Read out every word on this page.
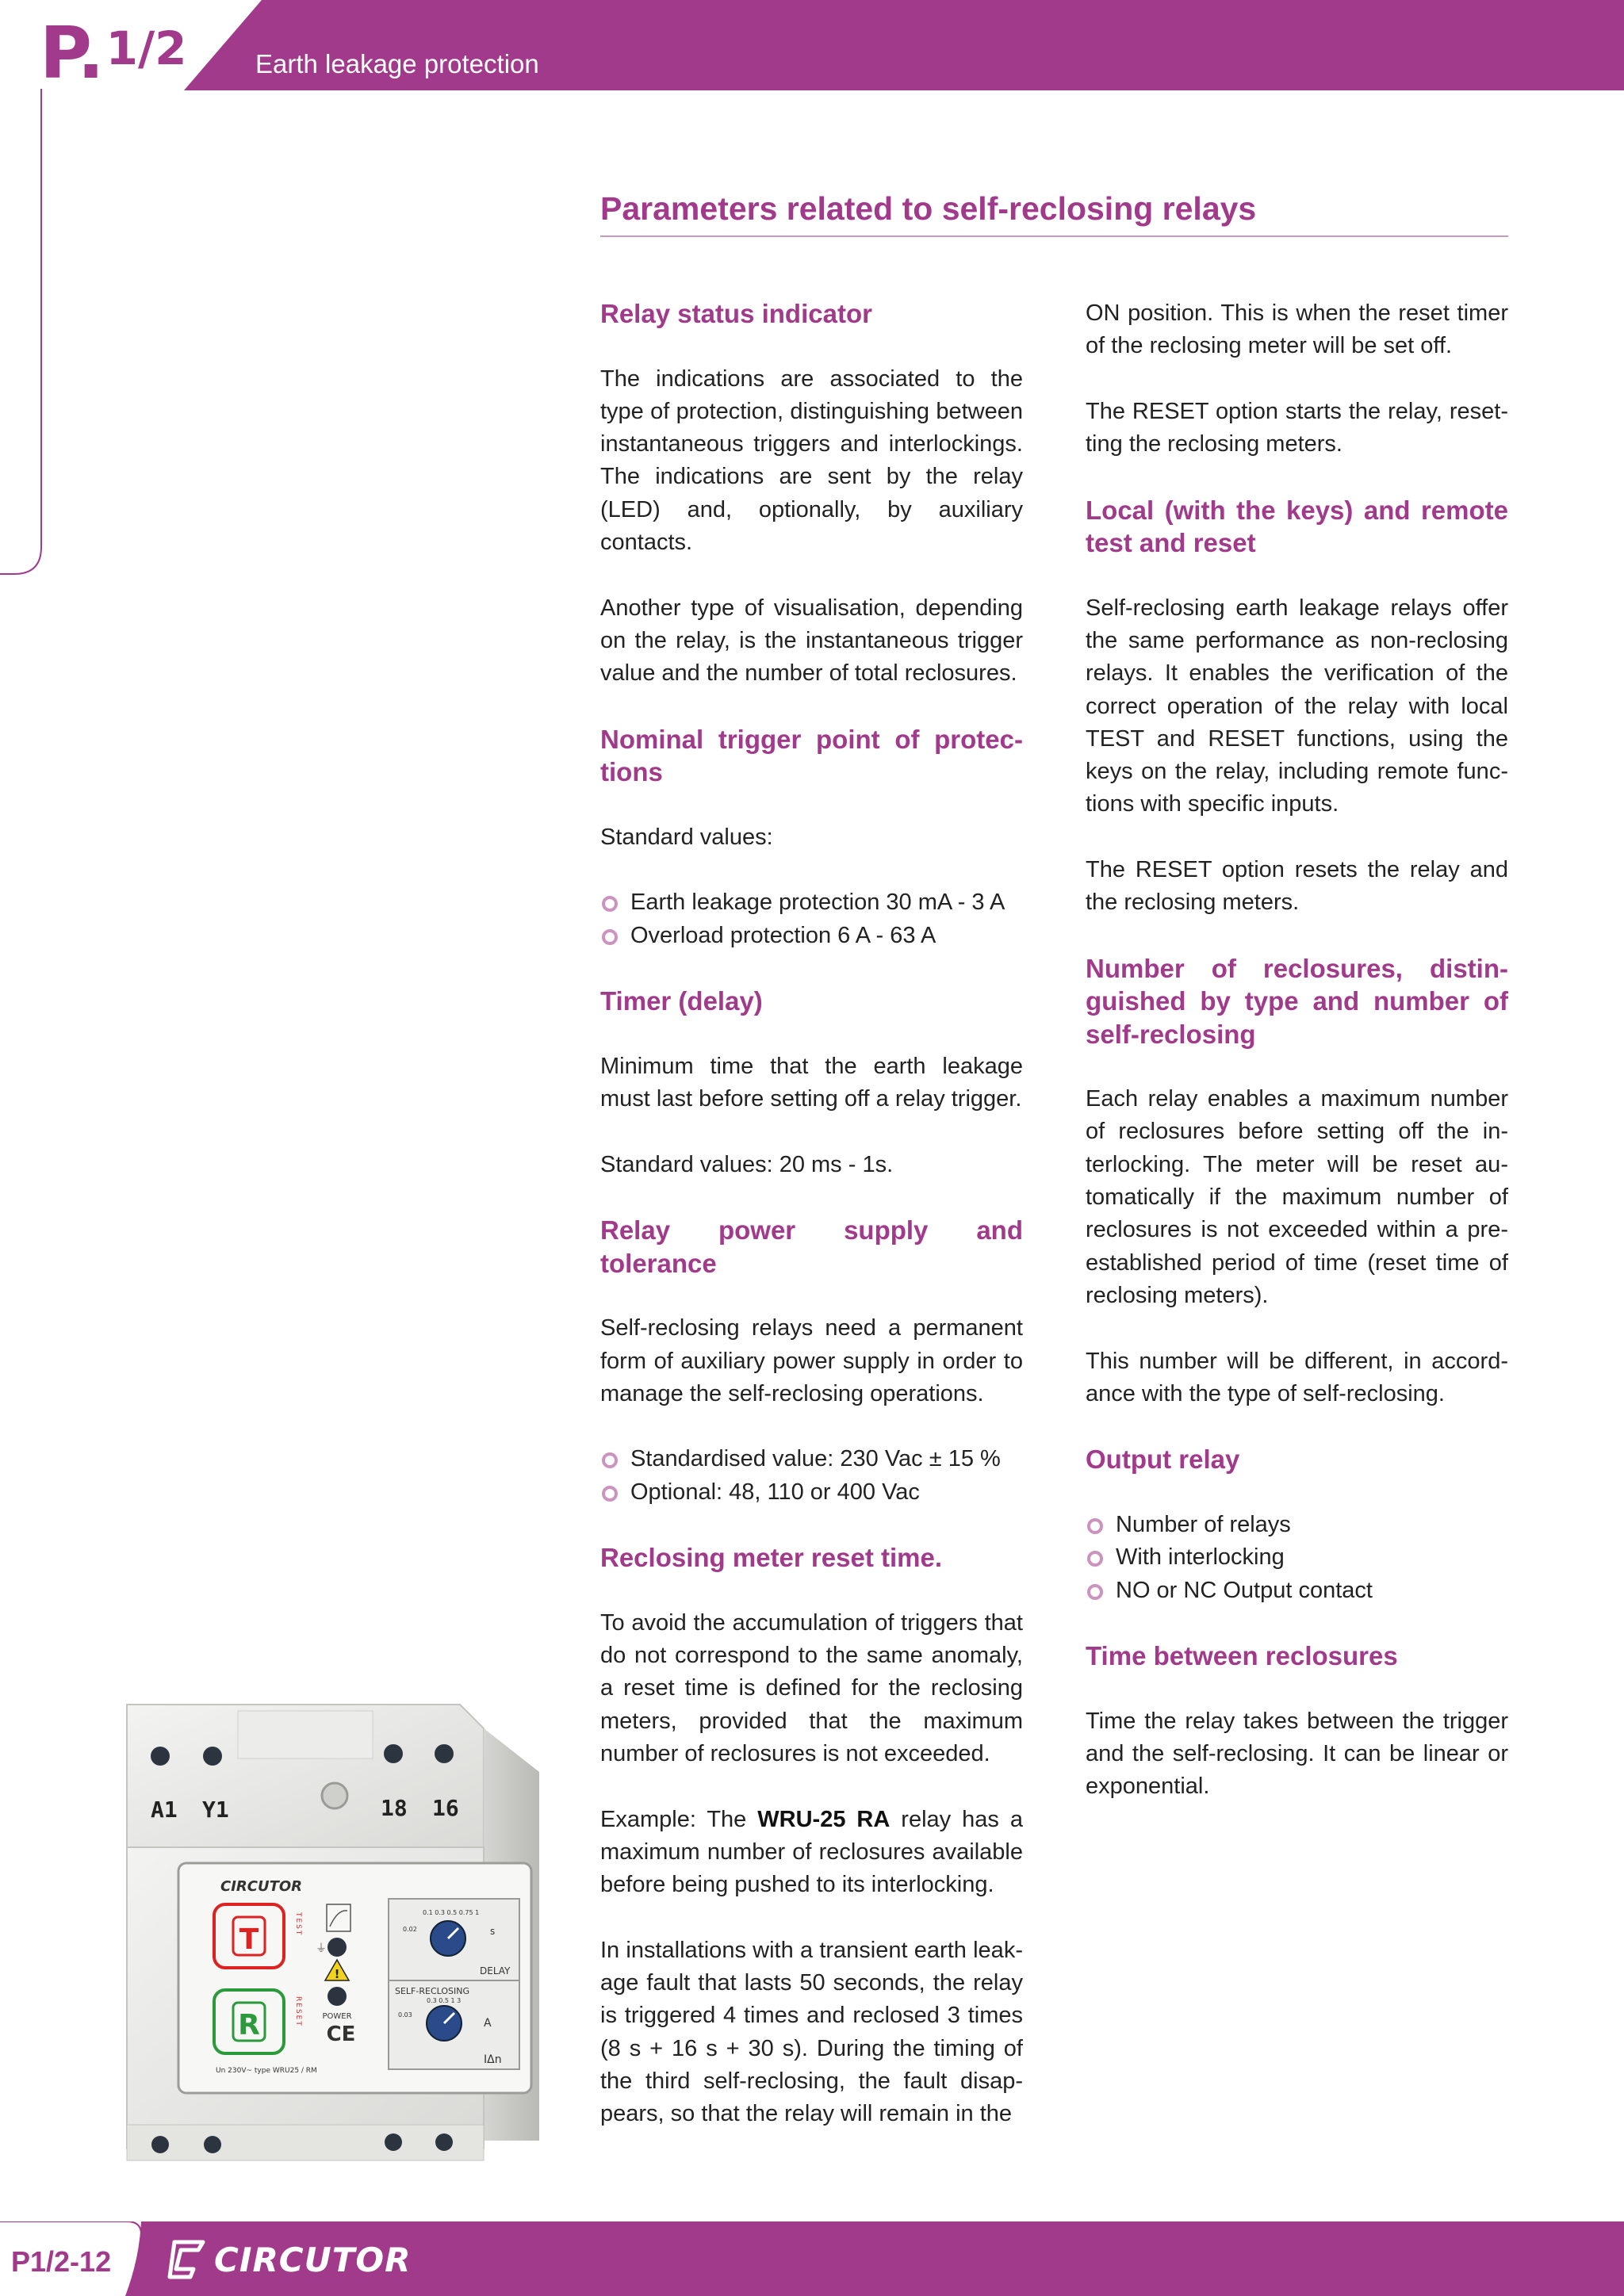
P. 1/2	Earth leakage protection
Parameters related to self-reclosing relays
Relay status indicator

The indications are associated to the type of protection, distinguishing between instantaneous triggers and interlockings. The indications are sent by the relay (LED) and, optionally, by auxiliary contacts.

Another type of visualisation, depending on the relay, is the instantaneous trigger value and the number of total reclosures.

Nominal trigger point of protections

Standard values:

Earth leakage protection 30 mA - 3 A
Overload protection 6 A - 63 A
Timer (delay)

Minimum time that the earth leakage must last before setting off a relay trigger.

Standard values: 20 ms - 1s.

Relay power supply and tolerance

Self-reclosing relays need a permanent form of auxiliary power supply in order to manage the self-reclosing operations.

Standardised value: 230 Vac ± 15 %
Optional: 48, 110 or 400 Vac
Reclosing meter reset time.

To avoid the accumulation of triggers that do not correspond to the same anomaly, a reset time is defined for the reclosing meters, provided that the maximum number of reclosures is not exceeded.

Example: The WRU-25 RA relay has a maximum number of reclosures available before being pushed to its interlocking.

In installations with a transient earth leakage fault that lasts 50 seconds, the relay is triggered 4 times and reclosed 3 times (8 s + 16 s + 30 s). During the timing of the third self-reclosing, the fault disappears, so that the relay will remain in the

ON position. This is when the reset timer of the reclosing meter will be set off.

The RESET option starts the relay, resetting the reclosing meters.

Local (with the keys) and remote test and reset

Self-reclosing earth leakage relays offer the same performance as non-reclosing relays. It enables the verification of the correct operation of the relay with local TEST and RESET functions, using the keys on the relay, including remote functions with specific inputs.

The RESET option resets the relay and the reclosing meters.

Number of reclosures, distinguished by type and number of self-reclosing

Each relay enables a maximum number of reclosures before setting off the interlocking. The meter will be reset automatically if the maximum number of reclosures is not exceeded within a pre-established period of time (reset time of reclosing meters).

This number will be different, in accordance with the type of self-reclosing.

Output relay
Number of relays
With interlocking
NO or NC Output contact
Time between reclosures

Time the relay takes between the trigger and the self-reclosing. It can be linear or exponential.

A1 Y1	18 16
CIRCUTOR
T	TEST
R	RESET
⏚
!
POWER
CE
Un 230V~ type WRU25 / RM
0.1 0.3 0.5 0.75 1
0.02	s
DELAY
SELF-RECLOSING
0.3 0.5 1 3
0.03
A
IΔn
P1/2-12	CIRCUTOR
